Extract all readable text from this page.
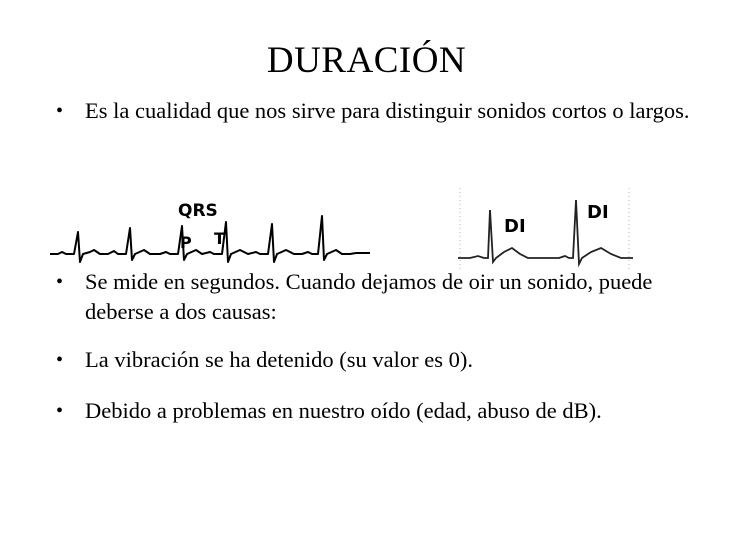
DURACIÓN
• Es la cualidad que nos sirve para distinguir sonidos cortos o largos.
QRS
P T
DI
DI
• Se mide en segundos. Cuando dejamos de oir un sonido, puede deberse a dos causas:
• La vibración se ha detenido (su valor es 0).
• Debido a problemas en nuestro oído (edad, abuso de dB).
